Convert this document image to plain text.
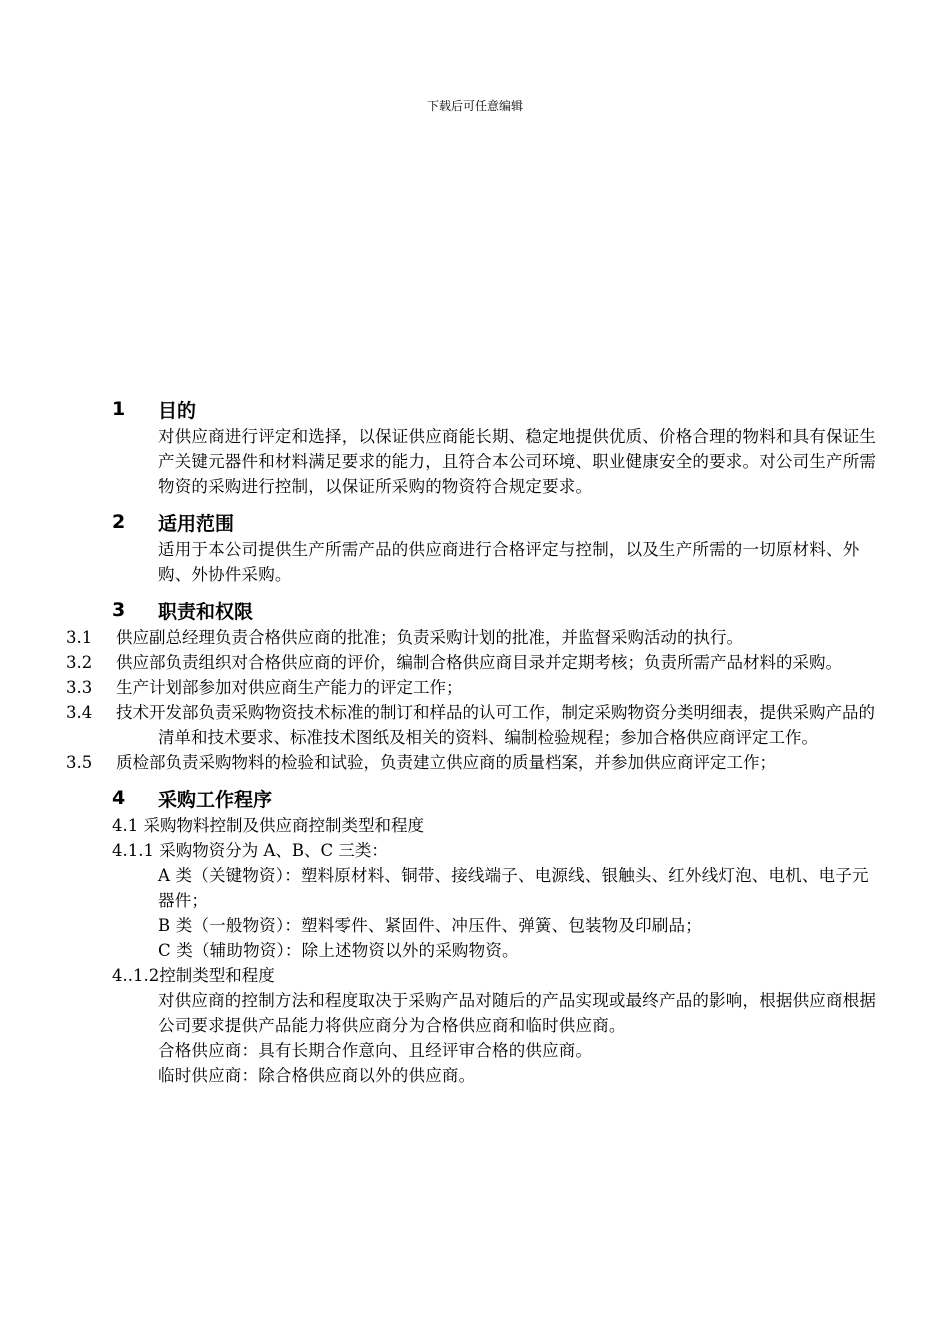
下载后可任意编辑
1	目的
对供应商进行评定和选择，以保证供应商能长期、稳定地提供优质、价格合理的物料和具有保证生产关键元器件和材料满足要求的能力，且符合本公司环境、职业健康安全的要求。对公司生产所需物资的采购进行控制，以保证所采购的物资符合规定要求。
2	适用范围
适用于本公司提供生产所需产品的供应商进行合格评定与控制，以及生产所需的一切原材料、外购、外协件采购。
3	职责和权限
3.1 供应副总经理负责合格供应商的批准；负责采购计划的批准，并监督采购活动的执行。
3.2 供应部负责组织对合格供应商的评价，编制合格供应商目录并定期考核；负责所需产品材料的采购。
3.3 生产计划部参加对供应商生产能力的评定工作；
3.4 技术开发部负责采购物资技术标准的制订和样品的认可工作，制定采购物资分类明细表，提供采购产品的清单和技术要求、标准技术图纸及相关的资料、编制检验规程；参加合格供应商评定工作。
3.5 质检部负责采购物料的检验和试验，负责建立供应商的质量档案，并参加供应商评定工作；
4	采购工作程序
4.1 采购物料控制及供应商控制类型和程度
4.1.1 采购物资分为 A、B、C 三类：
A 类（关键物资）：塑料原材料、铜带、接线端子、电源线、银触头、红外线灯泡、电机、电子元器件；
B 类（一般物资）：塑料零件、紧固件、冲压件、弹簧、包装物及印刷品；
C 类（辅助物资）：除上述物资以外的采购物资。
4..1.2控制类型和程度
对供应商的控制方法和程度取决于采购产品对随后的产品实现或最终产品的影响，根据供应商根据公司要求提供产品能力将供应商分为合格供应商和临时供应商。
合格供应商：具有长期合作意向、且经评审合格的供应商。
临时供应商：除合格供应商以外的供应商。
